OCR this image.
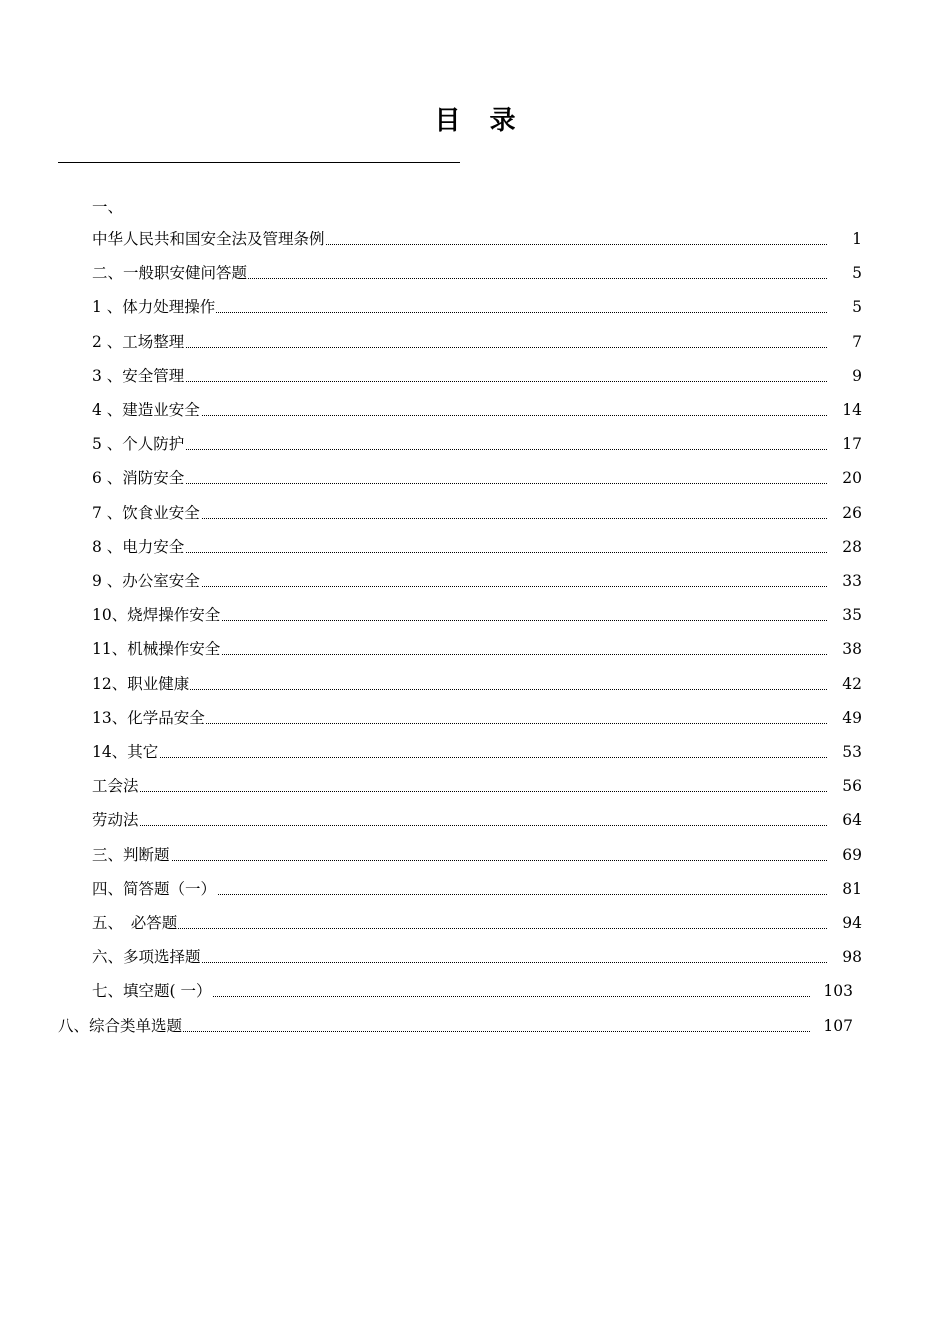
目 录
一、
中华人民共和国安全法及管理条例	1
二、一般职安健问答题	5
1 、体力处理操作	5
2 、工场整理	7
3 、安全管理	9
4 、建造业安全	14
5 、个人防护	17
6 、消防安全	20
7 、饮食业安全	26
8 、电力安全	28
9 、办公室安全	33
10、烧焊操作安全	35
11、机械操作安全	38
12、职业健康	42
13、化学品安全	49
14、其它	53
工会法	56
劳动法	64
三、判断题	69
四、简答题（一）	81
五、　必答题	94
六、多项选择题	98
七、填空题( 一）	103
八、综合类单选题	107
